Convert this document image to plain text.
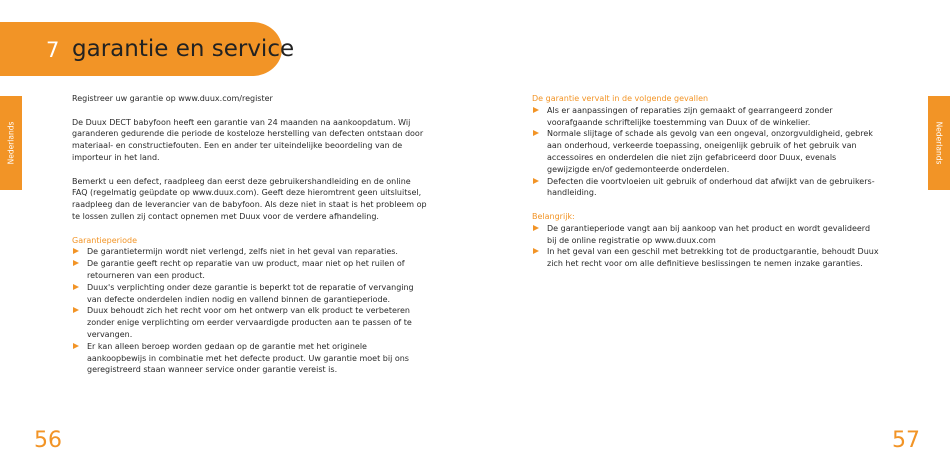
7 garantie en service
Nederlands	Nederlands

Registreer uw garantie op www.duux.com/register

De Duux DECT babyfoon heeft een garantie van 24 maanden na aankoopdatum. Wij garanderen gedurende die periode de kosteloze herstelling van defecten ontstaan door materiaal- en constructiefouten. Een en ander ter uiteindelijke beoordeling van de importeur in het land.

Bemerkt u een defect, raadpleeg dan eerst deze gebruikershandleiding en de online FAQ (regelmatig geüpdate op www.duux.com). Geeft deze hieromtrent geen uitsluitsel, raadpleeg dan de leverancier van de babyfoon. Als deze niet in staat is het probleem op te lossen zullen zij contact opnemen met Duux voor de verdere afhandeling.

Garantieperiode

De garantietermijn wordt niet verlengd, zelfs niet in het geval van reparaties.
De garantie geeft recht op reparatie van uw product, maar niet op het ruilen of retourneren van een product.
Duux's verplichting onder deze garantie is beperkt tot de reparatie of vervanging van defecte onderdelen indien nodig en vallend binnen de garantieperiode.
Duux behoudt zich het recht voor om het ontwerp van elk product te verbeteren zonder enige verplichting om eerder vervaardigde producten aan te passen of te vervangen.
Er kan alleen beroep worden gedaan op de garantie met het originele aankoopbewijs in combinatie met het defecte product. Uw garantie moet bij ons geregistreerd staan wanneer service onder garantie vereist is.

De garantie vervalt in de volgende gevallen

Als er aanpassingen of reparaties zijn gemaakt of gearrangeerd zonder voorafgaande schriftelijke toestemming van Duux of de winkelier.
Normale slijtage of schade als gevolg van een ongeval, onzorgvuldigheid, gebrek aan onderhoud, verkeerde toepassing, oneigenlijk gebruik of het gebruik van accessoires en onderdelen die niet zijn gefabriceerd door Duux, evenals gewijzigde en/of gedemonteerde onderdelen.
Defecten die voortvloeien uit gebruik of onderhoud dat afwijkt van de gebruikers-handleiding.

Belangrijk:

De garantieperiode vangt aan bij aankoop van het product en wordt gevalideerd bij de online registratie op www.duux.com
In het geval van een geschil met betrekking tot de productgarantie, behoudt Duux zich het recht voor om alle definitieve beslissingen te nemen inzake garanties.
56	57
